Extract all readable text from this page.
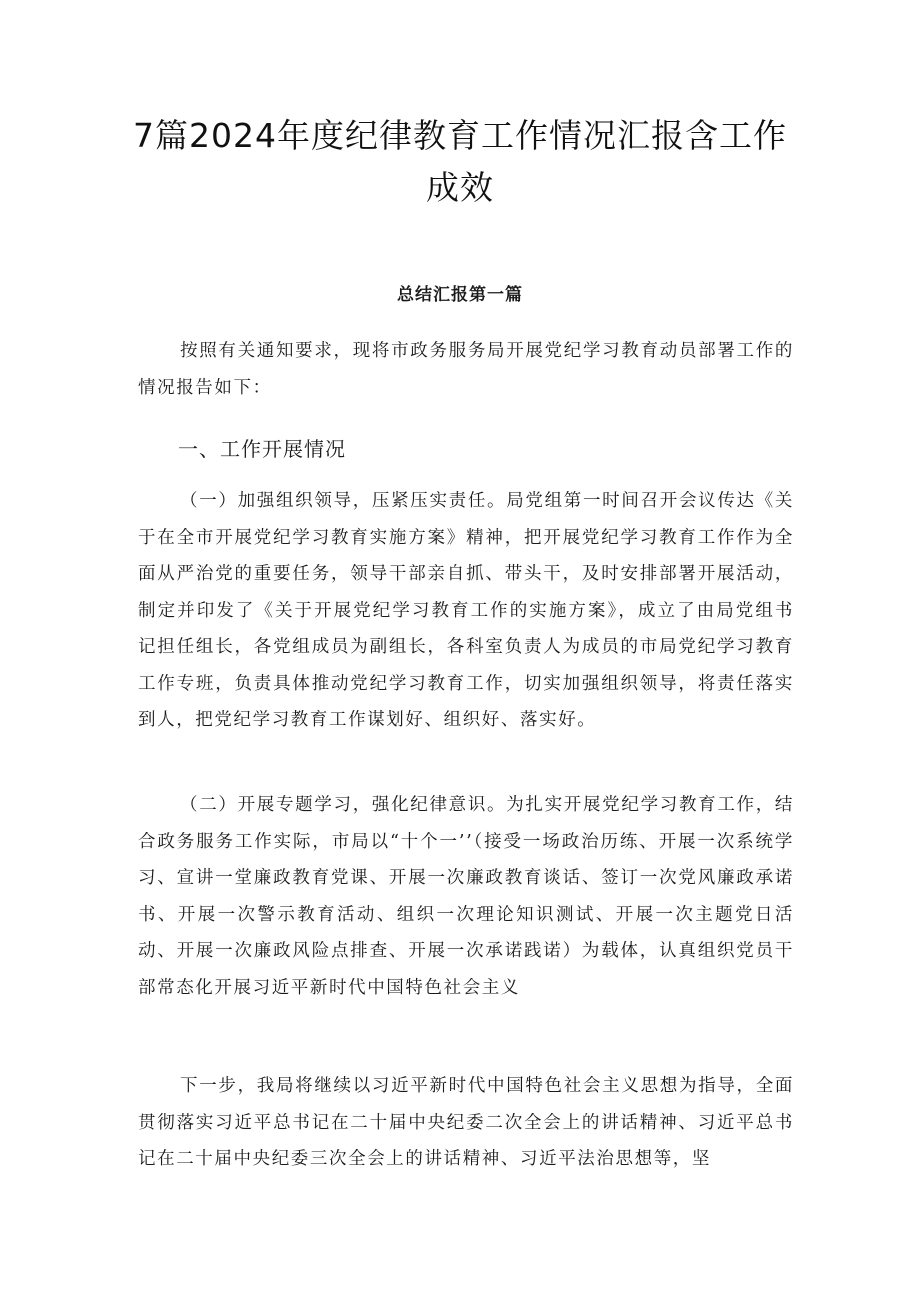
7篇2024年度纪律教育工作情况汇报含工作成效
总结汇报第一篇

按照有关通知要求，现将市政务服务局开展党纪学习教育动员部署工作的情况报告如下：

一、工作开展情况

（一）加强组织领导，压紧压实责任。局党组第一时间召开会议传达《关于在全市开展党纪学习教育实施方案》精神，把开展党纪学习教育工作作为全面从严治党的重要任务，领导干部亲自抓、带头干，及时安排部署开展活动，制定并印发了《关于开展党纪学习教育工作的实施方案》，成立了由局党组书记担任组长，各党组成员为副组长，各科室负责人为成员的市局党纪学习教育工作专班，负责具体推动党纪学习教育工作，切实加强组织领导，将责任落实到人，把党纪学习教育工作谋划好、组织好、落实好。

（二）开展专题学习，强化纪律意识。为扎实开展党纪学习教育工作，结合政务服务工作实际，市局以“十个一’’（接受一场政治历练、开展一次系统学习、宣讲一堂廉政教育党课、开展一次廉政教育谈话、签订一次党风廉政承诺书、开展一次警示教育活动、组织一次理论知识测试、开展一次主题党日活动、开展一次廉政风险点排查、开展一次承诺践诺）为载体，认真组织党员干部常态化开展习近平新时代中国特色社会主义

下一步，我局将继续以习近平新时代中国特色社会主义思想为指导，全面贯彻落实习近平总书记在二十届中央纪委二次全会上的讲话精神、习近平总书记在二十届中央纪委三次全会上的讲话精神、习近平法治思想等，坚
